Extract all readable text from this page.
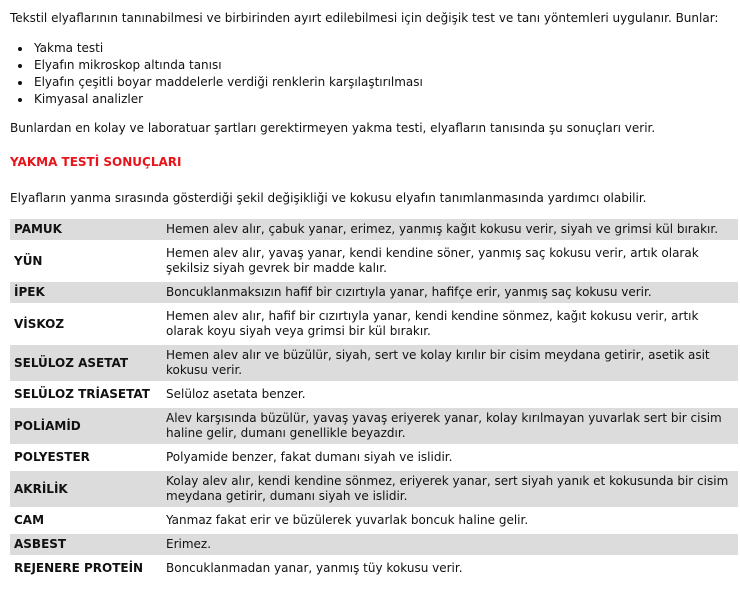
Tekstil elyaflarının tanınabilmesi ve birbirinden ayırt edilebilmesi için değişik test ve tanı yöntemleri uygulanır. Bunlar:

• Yakma testi
• Elyafın mikroskop altında tanısı
• Elyafın çeşitli boyar maddelerle verdiği renklerin karşılaştırılması
• Kimyasal analizler

Bunlardan en kolay ve laboratuar şartları gerektirmeyen yakma testi, elyafların tanısında şu sonuçları verir.

YAKMA TESTİ SONUÇLARI

Elyafların yanma sırasında gösterdiği şekil değişikliği ve kokusu elyafın tanımlanmasında yardımcı olabilir.

PAMUK	Hemen alev alır, çabuk yanar, erimez, yanmış kağıt kokusu verir, siyah ve grimsi kül bırakır.
YÜN	Hemen alev alır, yavaş yanar, kendi kendine söner, yanmış saç kokusu verir, artık olarak şekilsiz siyah gevrek bir madde kalır.
İPEK	Boncuklanmaksızın hafif bir cızırtıyla yanar, hafifçe erir, yanmış saç kokusu verir.
VİSKOZ	Hemen alev alır, hafif bir cızırtıyla yanar, kendi kendine sönmez, kağıt kokusu verir, artık olarak koyu siyah veya grimsi bir kül bırakır.
SELÜLOZ ASETAT	Hemen alev alır ve büzülür, siyah, sert ve kolay kırılır bir cisim meydana getirir, asetik asit kokusu verir.
SELÜLOZ TRİASETAT	Selüloz asetata benzer.
POLİAMİD	Alev karşısında büzülür, yavaş yavaş eriyerek yanar, kolay kırılmayan yuvarlak sert bir cisim haline gelir, dumanı genellikle beyazdır.
POLYESTER	Polyamide benzer, fakat dumanı siyah ve islidir.
AKRİLİK	Kolay alev alır, kendi kendine sönmez, eriyerek yanar, sert siyah yanık et kokusunda bir cisim meydana getirir, dumanı siyah ve islidir.
CAM	Yanmaz fakat erir ve büzülerek yuvarlak boncuk haline gelir.
ASBEST	Erimez.
REJENERE PROTEİN	Boncuklanmadan yanar, yanmış tüy kokusu verir.
